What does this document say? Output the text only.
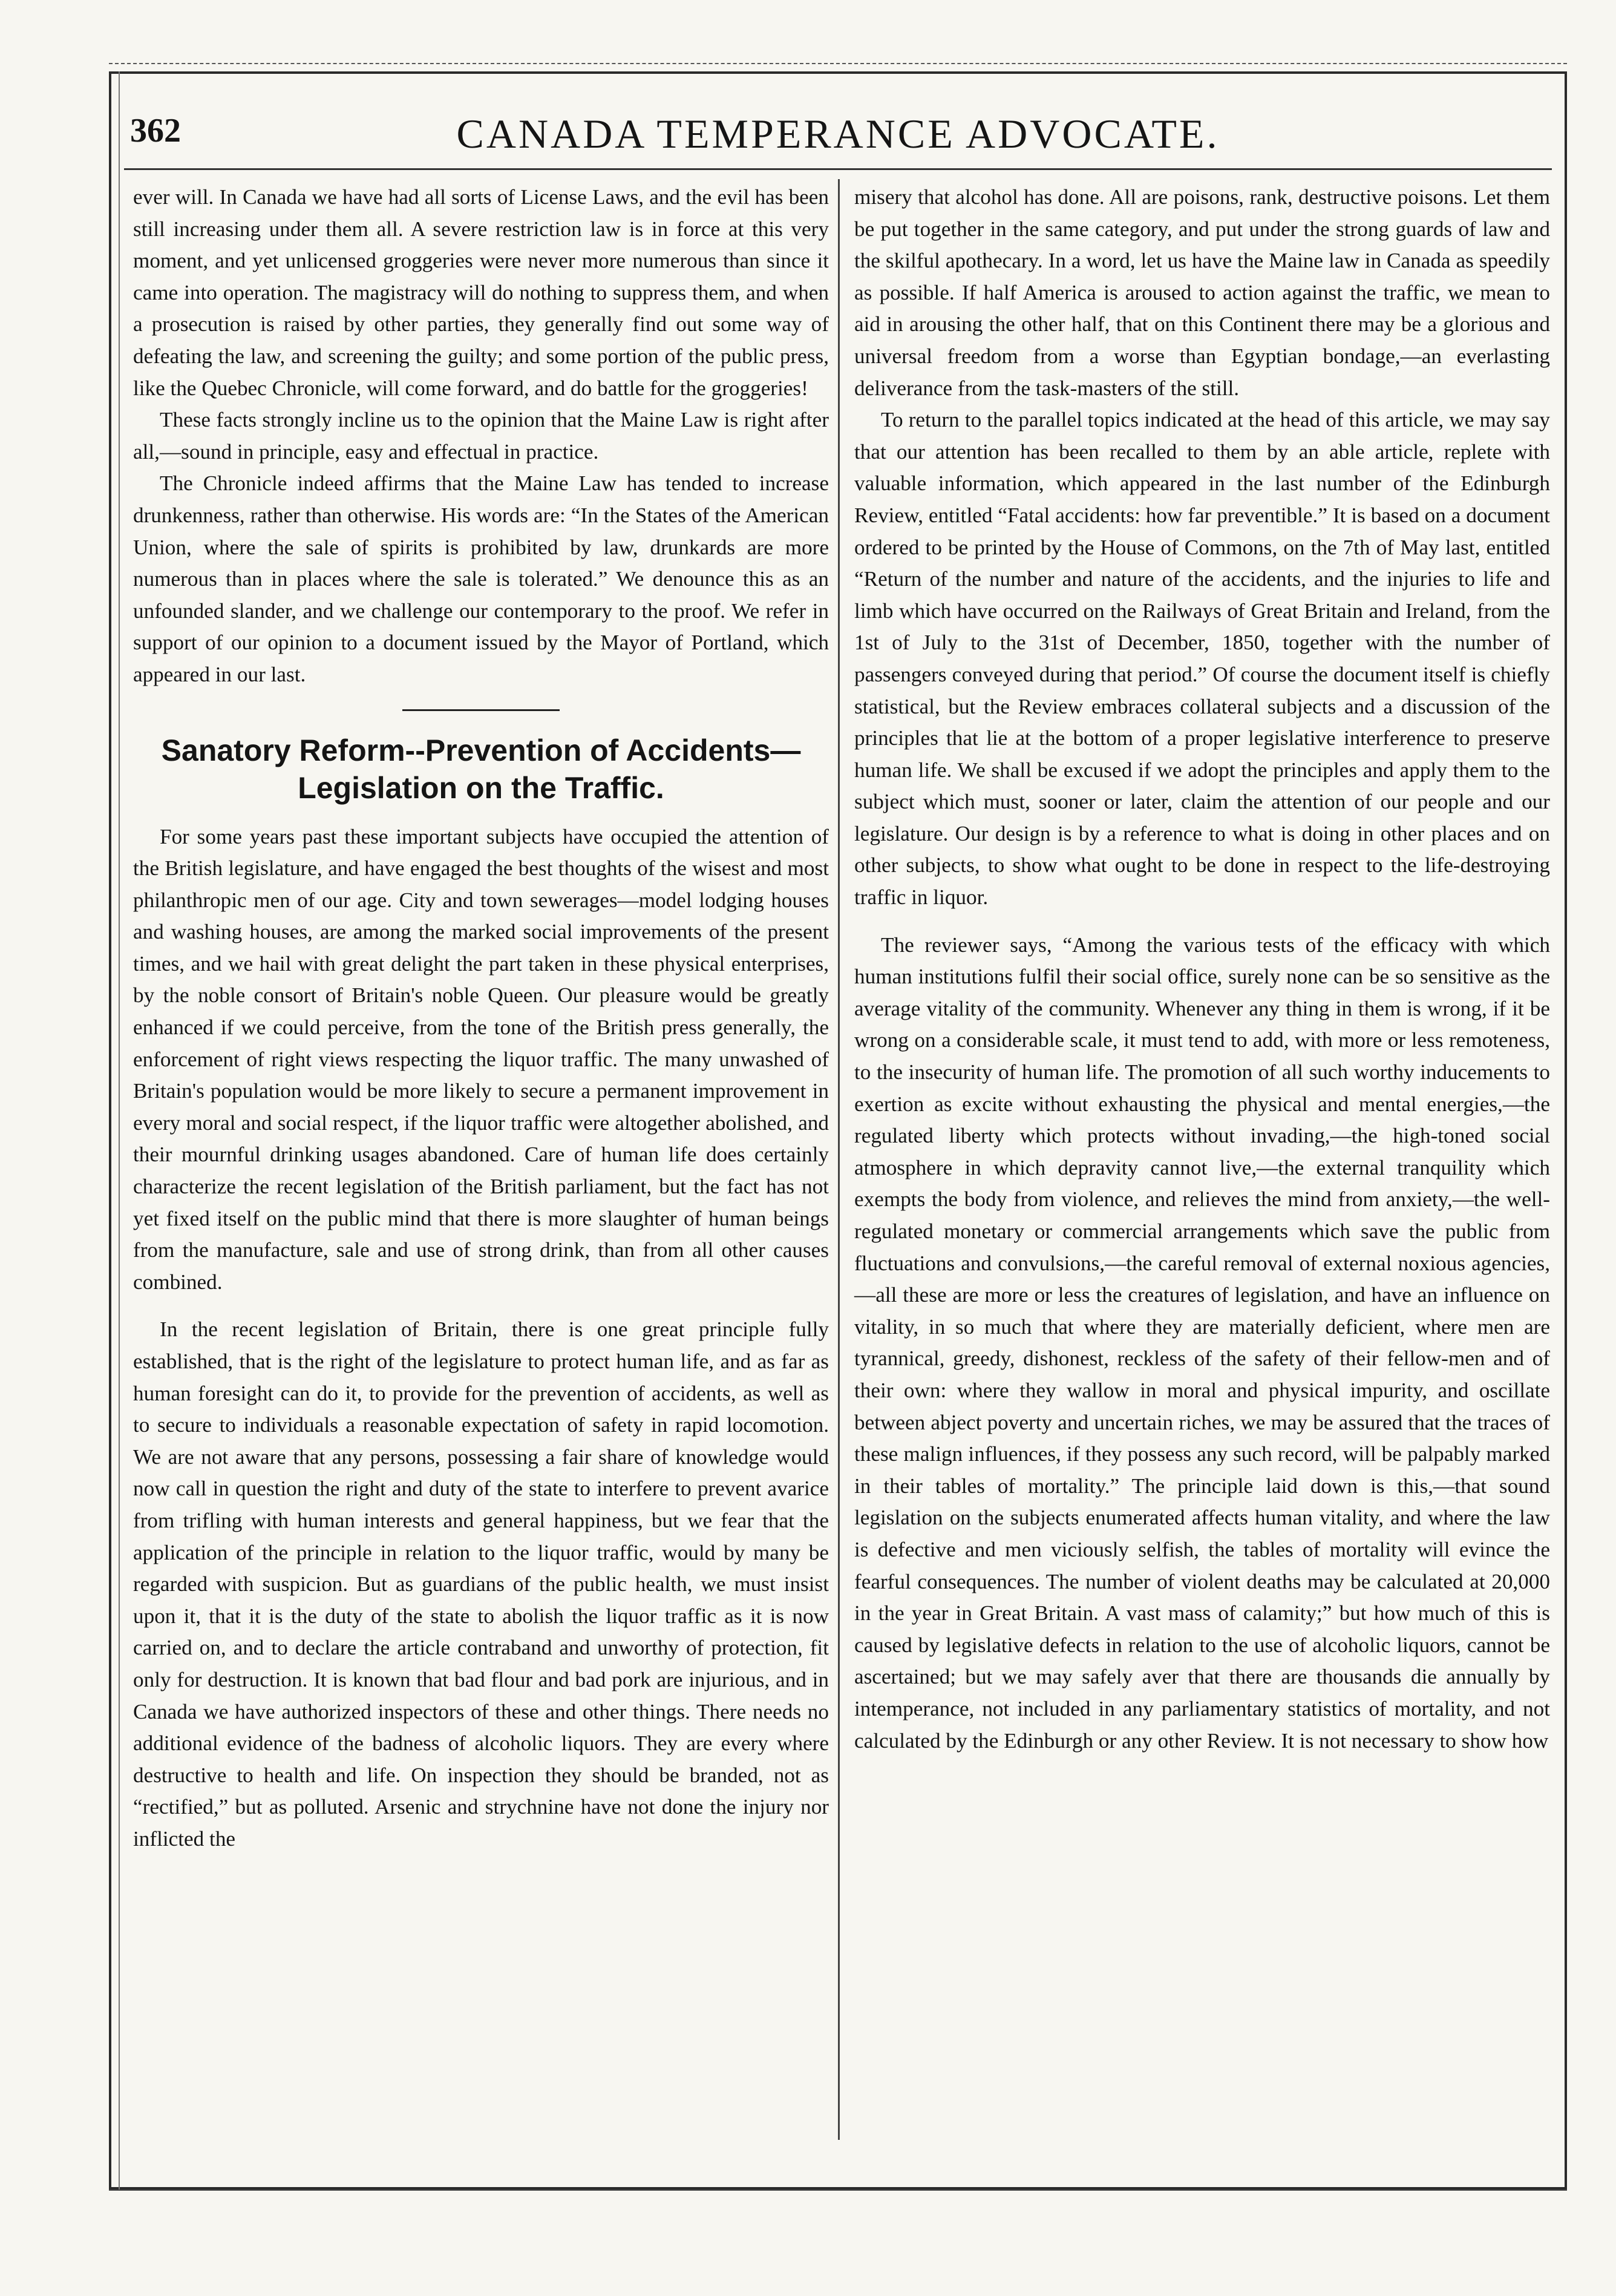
362	CANADA TEMPERANCE ADVOCATE.

ever will. In Canada we have had all sorts of License Laws, and the evil has been still increasing under them all. A severe restriction law is in force at this very moment, and yet unlicensed groggeries were never more numerous than since it came into operation. The magistracy will do nothing to suppress them, and when a prosecution is raised by other parties, they generally find out some way of defeating the law, and screening the guilty; and some portion of the public press, like the Quebec Chronicle, will come forward, and do battle for the groggeries!

These facts strongly incline us to the opinion that the Maine Law is right after all,—sound in principle, easy and effectual in practice.

The Chronicle indeed affirms that the Maine Law has tended to increase drunkenness, rather than otherwise. His words are: “In the States of the American Union, where the sale of spirits is prohibited by law, drunkards are more numerous than in places where the sale is tolerated.” We denounce this as an unfounded slander, and we challenge our contemporary to the proof. We refer in support of our opinion to a document issued by the Mayor of Portland, which appeared in our last.

Sanatory Reform--Prevention of Accidents—
Legislation on the Traffic.

For some years past these important subjects have occupied the attention of the British legislature, and have engaged the best thoughts of the wisest and most philanthropic men of our age. City and town sewerages—model lodging houses and washing houses, are among the marked social improvements of the present times, and we hail with great delight the part taken in these physical enterprises, by the noble consort of Britain's noble Queen. Our pleasure would be greatly enhanced if we could perceive, from the tone of the British press generally, the enforcement of right views respecting the liquor traffic. The many unwashed of Britain's population would be more likely to secure a permanent improvement in every moral and social respect, if the liquor traffic were altogether abolished, and their mournful drinking usages abandoned. Care of human life does certainly characterize the recent legislation of the British parliament, but the fact has not yet fixed itself on the public mind that there is more slaughter of human beings from the manufacture, sale and use of strong drink, than from all other causes combined.

In the recent legislation of Britain, there is one great principle fully established, that is the right of the legislature to protect human life, and as far as human foresight can do it, to provide for the prevention of accidents, as well as to secure to individuals a reasonable expectation of safety in rapid locomotion. We are not aware that any persons, possessing a fair share of knowledge would now call in question the right and duty of the state to interfere to prevent avarice from trifling with human interests and general happiness, but we fear that the application of the principle in relation to the liquor traffic, would by many be regarded with suspicion. But as guardians of the public health, we must insist upon it, that it is the duty of the state to abolish the liquor traffic as it is now carried on, and to declare the article contraband and unworthy of protection, fit only for destruction. It is known that bad flour and bad pork are injurious, and in Canada we have authorized inspectors of these and other things. There needs no additional evidence of the badness of alcoholic liquors. They are every where destructive to health and life. On inspection they should be branded, not as “rectified,” but as polluted. Arsenic and strychnine have not done the injury nor inflicted the

misery that alcohol has done. All are poisons, rank, destructive poisons. Let them be put together in the same category, and put under the strong guards of law and the skilful apothecary. In a word, let us have the Maine law in Canada as speedily as possible. If half America is aroused to action against the traffic, we mean to aid in arousing the other half, that on this Continent there may be a glorious and universal freedom from a worse than Egyptian bondage,—an everlasting deliverance from the task-masters of the still.

To return to the parallel topics indicated at the head of this article, we may say that our attention has been recalled to them by an able article, replete with valuable information, which appeared in the last number of the Edinburgh Review, entitled “Fatal accidents: how far preventible.” It is based on a document ordered to be printed by the House of Commons, on the 7th of May last, entitled “Return of the number and nature of the accidents, and the injuries to life and limb which have occurred on the Railways of Great Britain and Ireland, from the 1st of July to the 31st of December, 1850, together with the number of passengers conveyed during that period.” Of course the document itself is chiefly statistical, but the Review embraces collateral subjects and a discussion of the principles that lie at the bottom of a proper legislative interference to preserve human life. We shall be excused if we adopt the principles and apply them to the subject which must, sooner or later, claim the attention of our people and our legislature. Our design is by a reference to what is doing in other places and on other subjects, to show what ought to be done in respect to the life-destroying traffic in liquor.

The reviewer says, “Among the various tests of the efficacy with which human institutions fulfil their social office, surely none can be so sensitive as the average vitality of the community. Whenever any thing in them is wrong, if it be wrong on a considerable scale, it must tend to add, with more or less remoteness, to the insecurity of human life. The promotion of all such worthy inducements to exertion as excite without exhausting the physical and mental energies,—the regulated liberty which protects without invading,—the high-toned social atmosphere in which depravity cannot live,—the external tranquility which exempts the body from violence, and relieves the mind from anxiety,—the well-regulated monetary or commercial arrangements which save the public from fluctuations and convulsions,—the careful removal of external noxious agencies,—all these are more or less the creatures of legislation, and have an influence on vitality, in so much that where they are materially deficient, where men are tyrannical, greedy, dishonest, reckless of the safety of their fellow-men and of their own: where they wallow in moral and physical impurity, and oscillate between abject poverty and uncertain riches, we may be assured that the traces of these malign influences, if they possess any such record, will be palpably marked in their tables of mortality.” The principle laid down is this,—that sound legislation on the subjects enumerated affects human vitality, and where the law is defective and men viciously selfish, the tables of mortality will evince the fearful consequences. The number of violent deaths may be calculated at 20,000 in the year in Great Britain. A vast mass of calamity;” but how much of this is caused by legislative defects in relation to the use of alcoholic liquors, cannot be ascertained; but we may safely aver that there are thousands die annually by intemperance, not included in any parliamentary statistics of mortality, and not calculated by the Edinburgh or any other Review. It is not necessary to show how
